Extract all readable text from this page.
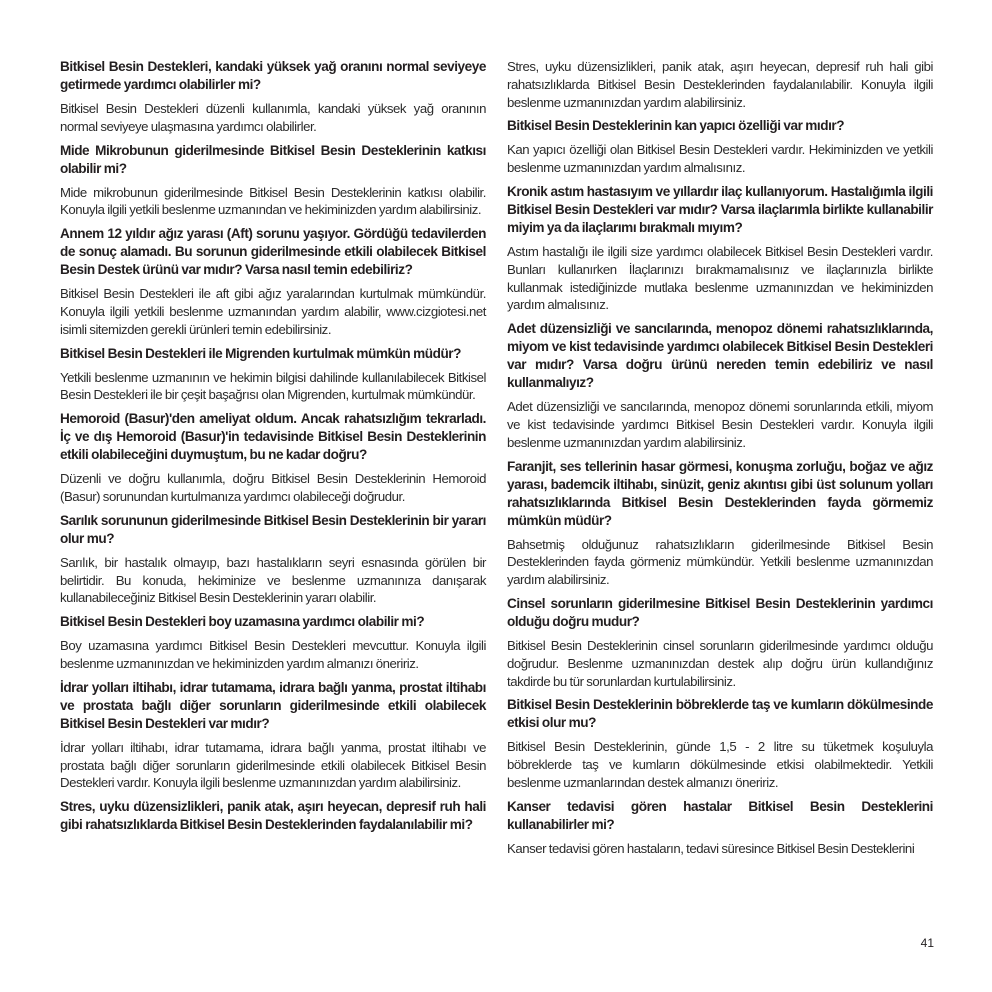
Bitkisel Besin Destekleri, kandaki yüksek yağ oranını normal seviyeye getirmede yardımcı olabilirler mi?

Bitkisel Besin Destekleri düzenli kullanımla, kandaki yüksek yağ oranının normal seviyeye ulaşmasına yardımcı olabilirler.

Mide Mikrobunun giderilmesinde Bitkisel Besin Desteklerinin katkısı olabilir mi?

Mide mikrobunun giderilmesinde Bitkisel Besin Desteklerinin katkısı olabilir. Konuyla ilgili yetkili beslenme uzmanından ve hekiminizden yardım alabilirsiniz.

Annem 12 yıldır ağız yarası (Aft) sorunu yaşıyor. Gördüğü tedavilerden de sonuç alamadı. Bu sorunun giderilmesinde etkili olabilecek Bitkisel Besin Destek ürünü var mıdır? Varsa nasıl temin edebiliriz?

Bitkisel Besin Destekleri ile aft gibi ağız yaralarından kurtulmak mümkündür. Konuyla ilgili yetkili beslenme uzmanından yardım alabilir, www.cizgiotesi.net isimli sitemizden gerekli ürünleri temin edebilirsiniz.

Bitkisel Besin Destekleri ile Migrenden kurtulmak mümkün müdür?

Yetkili beslenme uzmanının ve hekimin bilgisi dahilinde kullanılabilecek Bitkisel Besin Destekleri ile bir çeşit başağrısı olan Migrenden, kurtulmak mümkündür.

Hemoroid (Basur)'den ameliyat oldum. Ancak rahatsızlığım tekrarladı. İç ve dış Hemoroid (Basur)'in tedavisinde Bitkisel Besin Desteklerinin etkili olabileceğini duymuştum, bu ne kadar doğru?

Düzenli ve doğru kullanımla, doğru Bitkisel Besin Desteklerinin Hemoroid (Basur) sorunundan kurtulmanıza yardımcı olabileceği doğrudur.

Sarılık sorununun giderilmesinde Bitkisel Besin Desteklerinin bir yararı olur mu?

Sarılık, bir hastalık olmayıp, bazı hastalıkların seyri esnasında görülen bir belirtidir. Bu konuda, hekiminize ve beslenme uzmanınıza danışarak kullanabileceğiniz Bitkisel Besin Desteklerinin yararı olabilir.

Bitkisel Besin Destekleri boy uzamasına yardımcı olabilir mi?

Boy uzamasına yardımcı Bitkisel Besin Destekleri mevcuttur. Konuyla ilgili beslenme uzmanınızdan ve hekiminizden yardım almanızı öneririz.

İdrar yolları iltihabı, idrar tutamama, idrara bağlı yanma, prostat iltihabı ve prostata bağlı diğer sorunların giderilmesinde etkili olabilecek Bitkisel Besin Destekleri var mıdır?

İdrar yolları iltihabı, idrar tutamama, idrara bağlı yanma, prostat iltihabı ve prostata bağlı diğer sorunların giderilmesinde etkili olabilecek Bitkisel Besin Destekleri vardır. Konuyla ilgili beslenme uzmanınızdan yardım alabilirsiniz.

Stres, uyku düzensizlikleri, panik atak, aşırı heyecan, depresif ruh hali gibi rahatsızlıklarda Bitkisel Besin Desteklerinden faydalanılabilir mi?

Stres, uyku düzensizlikleri, panik atak, aşırı heyecan, depresif ruh hali gibi rahatsızlıklarda Bitkisel Besin Desteklerinden faydalanılabilir. Konuyla ilgili beslenme uzmanınızdan yardım alabilirsiniz.

Bitkisel Besin Desteklerinin kan yapıcı özelliği var mıdır?

Kan yapıcı özelliği olan Bitkisel Besin Destekleri vardır. Hekiminizden ve yetkili beslenme uzmanınızdan yardım almalısınız.

Kronik astım hastasıyım ve yıllardır ilaç kullanıyorum. Hastalığımla ilgili Bitkisel Besin Destekleri var mıdır? Varsa ilaçlarımla birlikte kullanabilir miyim ya da ilaçlarımı bırakmalı mıyım?

Astım hastalığı ile ilgili size yardımcı olabilecek Bitkisel Besin Destekleri vardır. Bunları kullanırken İlaçlarınızı bırakmamalısınız ve ilaçlarınızla birlikte kullanmak istediğinizde mutlaka beslenme uzmanınızdan ve hekiminizden yardım almalısınız.

Adet düzensizliği ve sancılarında, menopoz dönemi rahatsızlıklarında, miyom ve kist tedavisinde yardımcı olabilecek Bitkisel Besin Destekleri var mıdır? Varsa doğru ürünü nereden temin edebiliriz ve nasıl kullanmalıyız?

Adet düzensizliği ve sancılarında, menopoz dönemi sorunlarında etkili, miyom ve kist tedavisinde yardımcı Bitkisel Besin Destekleri vardır. Konuyla ilgili beslenme uzmanınızdan yardım alabilirsiniz.

Faranjit, ses tellerinin hasar görmesi, konuşma zorluğu, boğaz ve ağız yarası, bademcik iltihabı, sinüzit, geniz akıntısı gibi üst solunum yolları rahatsızlıklarında Bitkisel Besin Desteklerinden fayda görmemiz mümkün müdür?

Bahsetmiş olduğunuz rahatsızlıkların giderilmesinde Bitkisel Besin Desteklerinden fayda görmeniz mümkündür. Yetkili beslenme uzmanınızdan yardım alabilirsiniz.

Cinsel sorunların giderilmesine Bitkisel Besin Desteklerinin yardımcı olduğu doğru mudur?

Bitkisel Besin Desteklerinin cinsel sorunların giderilmesinde yardımcı olduğu doğrudur. Beslenme uzmanınızdan destek alıp doğru ürün kullandığınız takdirde bu tür sorunlardan kurtulabilirsiniz.

Bitkisel Besin Desteklerinin böbreklerde taş ve kumların dökülmesinde etkisi olur mu?

Bitkisel Besin Desteklerinin, günde 1,5 - 2 litre su tüketmek koşuluyla böbreklerde taş ve kumların dökülmesinde etkisi olabilmektedir. Yetkili beslenme uzmanlarından destek almanızı öneririz.

Kanser tedavisi gören hastalar Bitkisel Besin Desteklerini kullanabilirler mi?

Kanser tedavisi gören hastaların, tedavi süresince Bitkisel Besin Desteklerini

41
